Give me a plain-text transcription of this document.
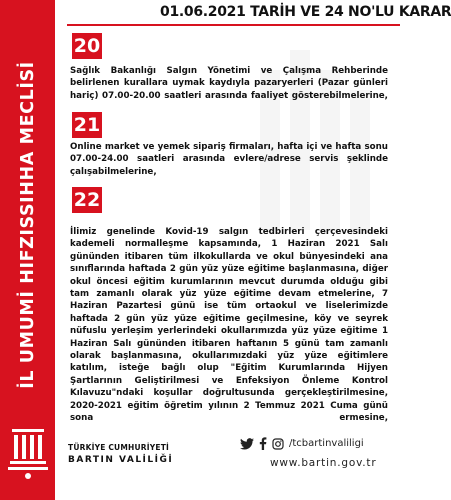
İL UMUMİ HIFZISSIHHA MECLİSİ
01.06.2021 TARİH VE 24 NO'LU KARAR
20
Sağlık Bakanlığı Salgın Yönetimi ve Çalışma Rehberinde belirlenen kurallara uymak kaydıyla pazaryerleri (Pazar günleri hariç) 07.00-20.00 saatleri arasında faaliyet gösterebilmelerine,
21
Online market ve yemek sipariş firmaları, hafta içi ve hafta sonu 07.00-24.00 saatleri arasında evlere/adrese servis şeklinde çalışabilmelerine,
22
İlimiz genelinde Kovid-19 salgın tedbirleri çerçevesindeki kademeli normalleşme kapsamında, 1 Haziran 2021 Salı gününden itibaren tüm ilkokullarda ve okul bünyesindeki ana sınıflarında haftada 2 gün yüz yüze eğitime başlanmasına, diğer okul öncesi eğitim kurumlarının mevcut durumda olduğu gibi tam zamanlı olarak yüz yüze eğitime devam etmelerine, 7 Haziran Pazartesi günü ise tüm ortaokul ve liselerimizde haftada 2 gün yüz yüze eğitime geçilmesine, köy ve seyrek nüfuslu yerleşim yerlerindeki okullarımızda yüz yüze eğitime 1 Haziran Salı gününden itibaren haftanın 5 günü tam zamanlı olarak başlanmasına, okullarımızdaki yüz yüze eğitimlere katılım, isteğe bağlı olup "Eğitim Kurumlarında Hijyen Şartlarının Geliştirilmesi ve Enfeksiyon Önleme Kontrol Kılavuzu"ndaki koşullar doğrultusunda gerçekleştirilmesine, 2020-2021 eğitim öğretim yılının 2 Temmuz 2021 Cuma günü sona ermesine,
TÜRKİYE CUMHURİYETİ
BARTIN VALİLİĞİ
/tcbartinvaliligi
www.bartin.gov.tr
